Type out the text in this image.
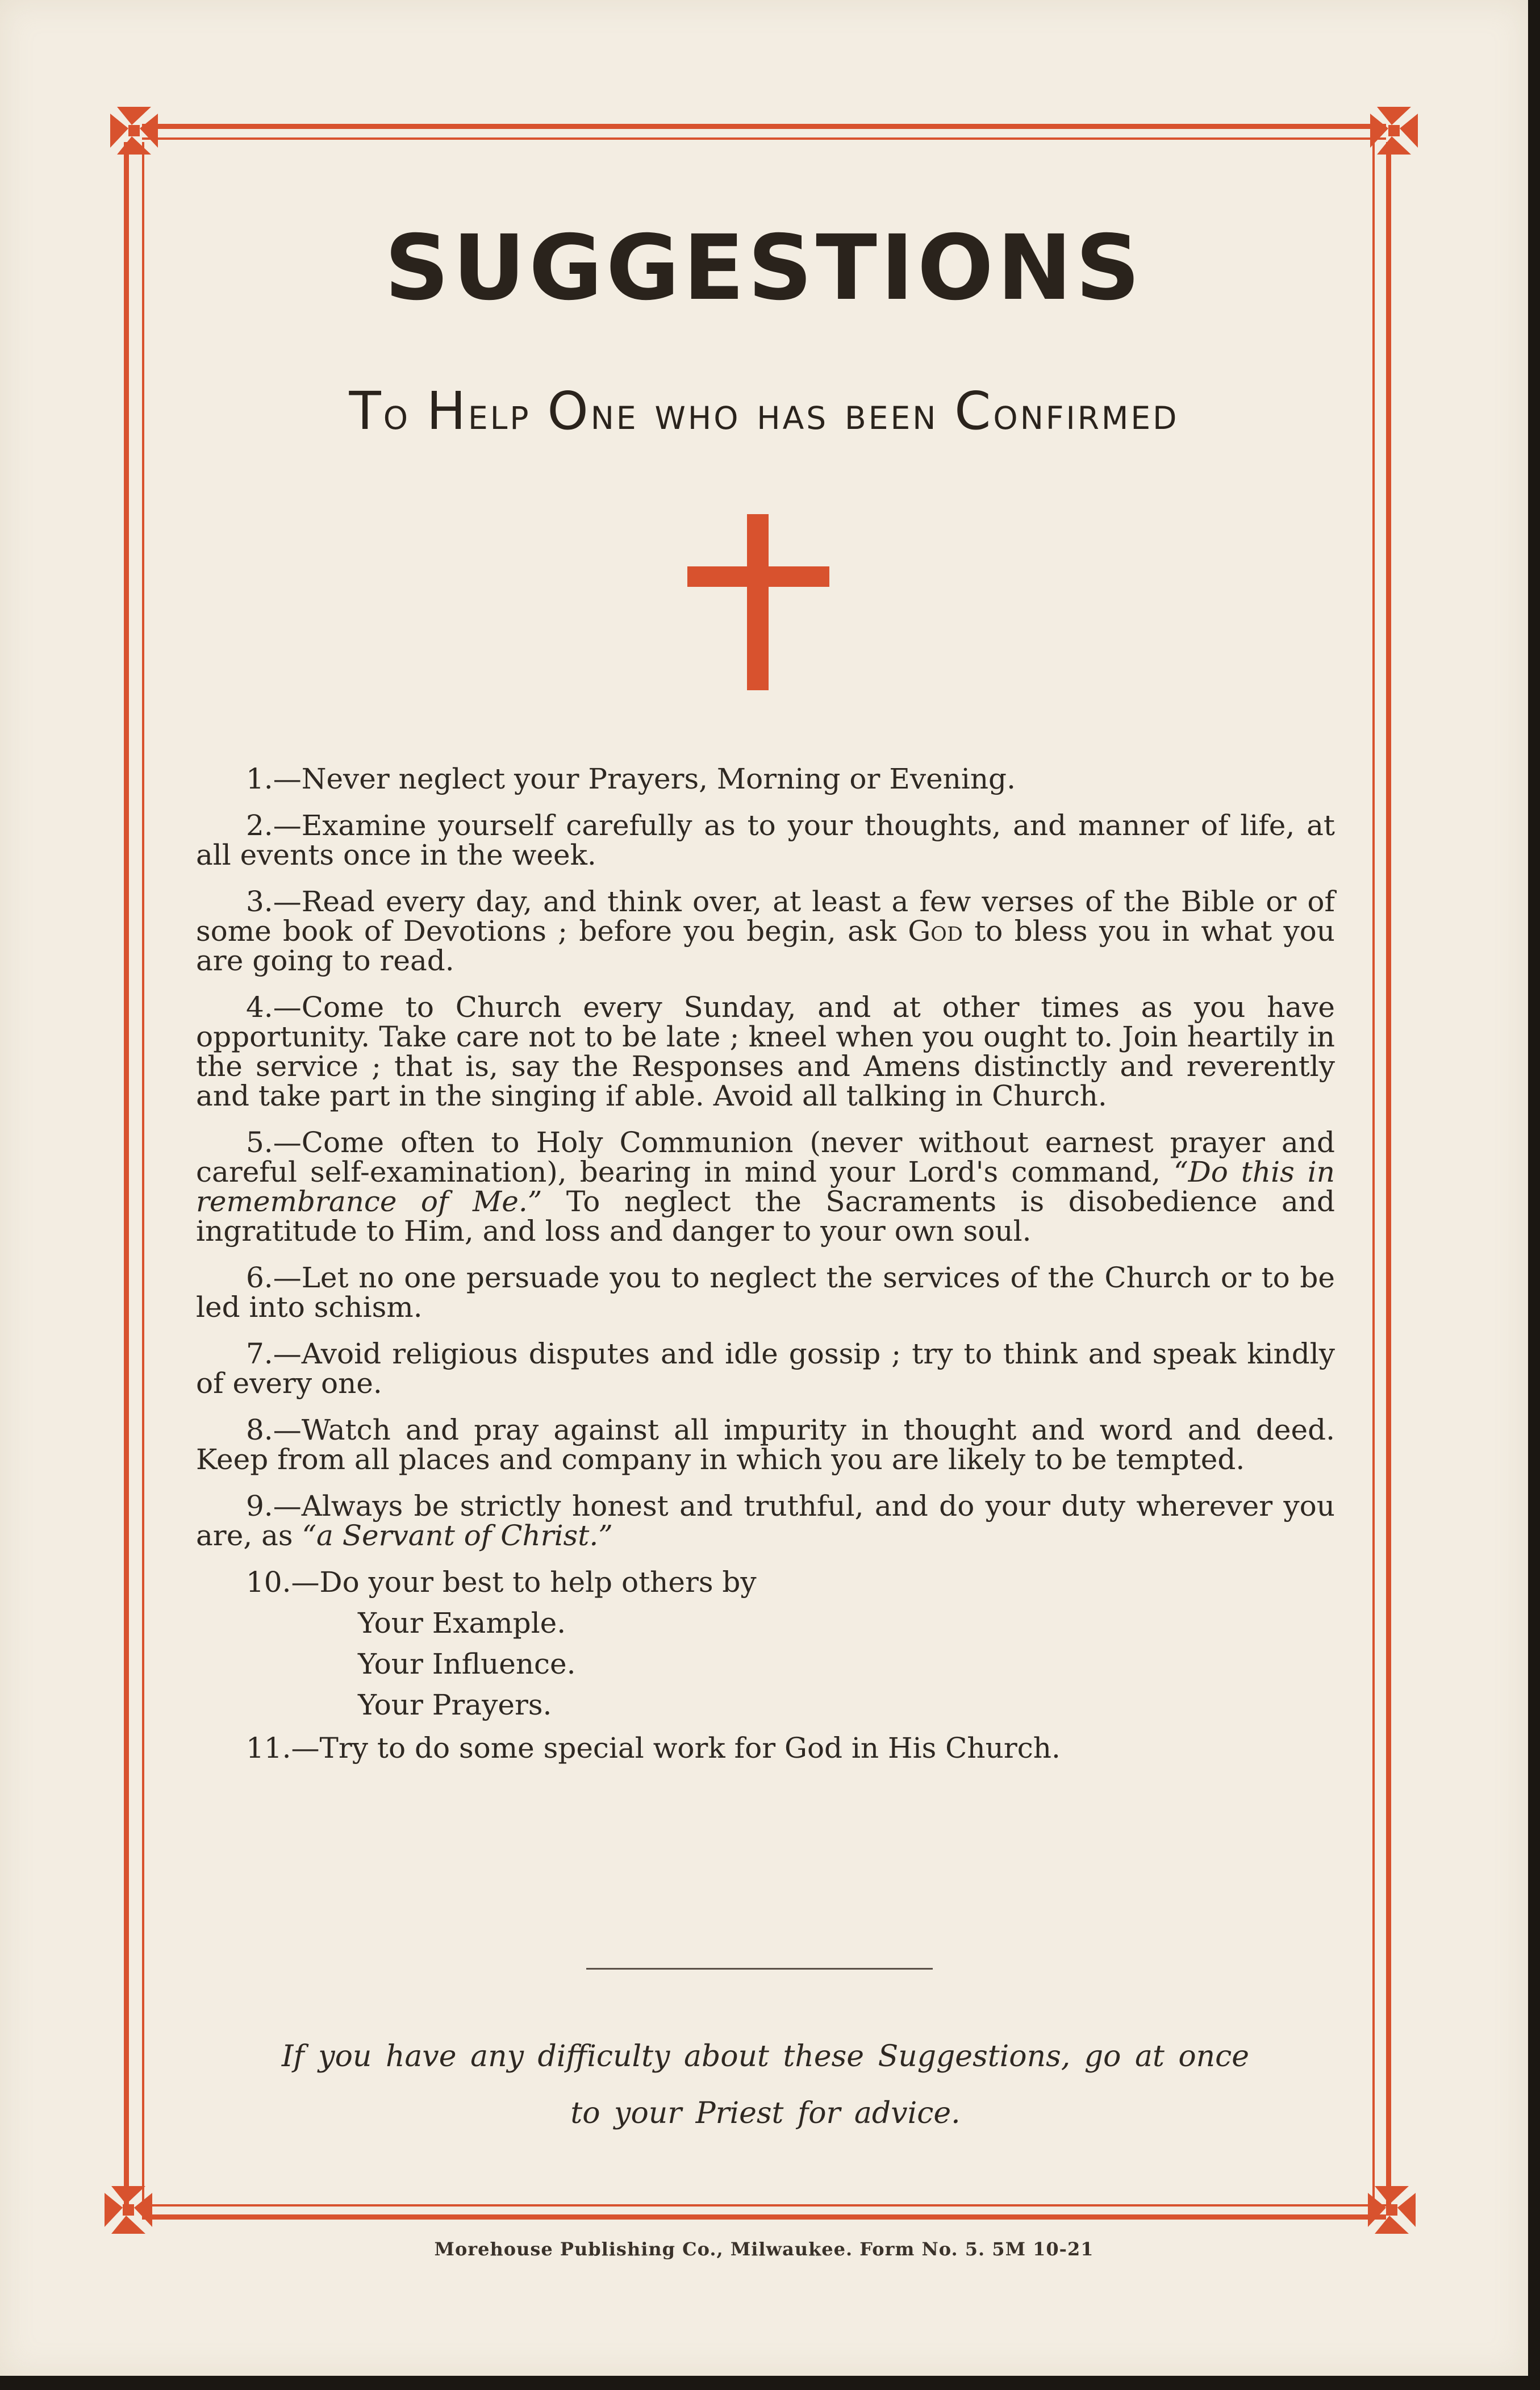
SUGGESTIONS
To Help One who has been Confirmed

1.—Never neglect your Prayers, Morning or Evening.

2.—Examine yourself carefully as to your thoughts, and manner of life, at all events once in the week.

3.—Read every day, and think over, at least a few verses of the Bible or of some book of Devotions ; before you begin, ask God to bless you in what you are going to read.

4.—Come to Church every Sunday, and at other times as you have opportunity. Take care not to be late ; kneel when you ought to. Join heartily in the service ; that is, say the Responses and Amens distinctly and reverently and take part in the singing if able. Avoid all talking in Church.

5.—Come often to Holy Communion (never without earnest prayer and careful self-examination), bearing in mind your Lord's command, “Do this in remembrance of Me.” To neglect the Sacraments is disobedience and ingratitude to Him, and loss and danger to your own soul.

6.—Let no one persuade you to neglect the services of the Church or to be led into schism.

7.—Avoid religious disputes and idle gossip ; try to think and speak kindly of every one.

8.—Watch and pray against all impurity in thought and word and deed. Keep from all places and company in which you are likely to be tempted.

9.—Always be strictly honest and truthful, and do your duty wherever you are, as “a Servant of Christ.”

10.—Do your best to help others by

Your Example.
Your Influence.
Your Prayers.

11.—Try to do some special work for God in His Church.

If you have any difficulty about these Suggestions, go at once
to your Priest for advice.
Morehouse Publishing Co., Milwaukee. Form No. 5. 5M 10-21
